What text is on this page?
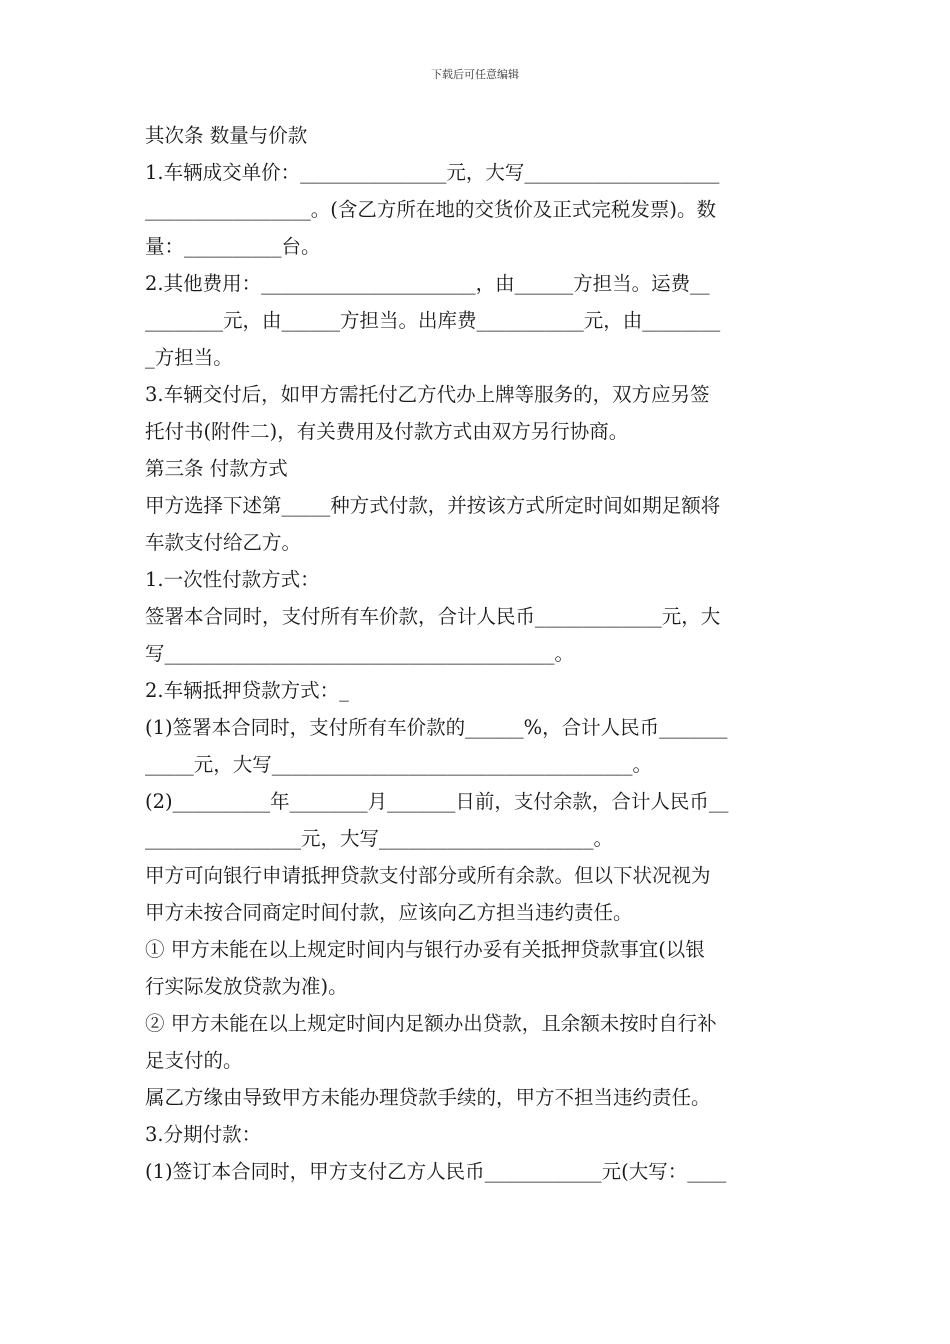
下载后可任意编辑
其次条 数量与价款
1.车辆成交单价：_______________元，大写____________________
_________________。(含乙方所在地的交货价及正式完税发票)。数
量：__________台。
2.其他费用：______________________，由______方担当。运费__
________元，由______方担当。出库费___________元，由________
_方担当。
3.车辆交付后，如甲方需托付乙方代办上牌等服务的，双方应另签
托付书(附件二)，有关费用及付款方式由双方另行协商。
第三条 付款方式
甲方选择下述第_____种方式付款，并按该方式所定时间如期足额将
车款支付给乙方。
1.一次性付款方式：
签署本合同时，支付所有车价款，合计人民币_____________元，大
写________________________________________。
2.车辆抵押贷款方式：_
(1)签署本合同时，支付所有车价款的______%，合计人民币_______
_____元，大写_____________________________________。
(2)__________年________月_______日前，支付余款，合计人民币__
________________元，大写______________________。
甲方可向银行申请抵押贷款支付部分或所有余款。但以下状况视为
甲方未按合同商定时间付款，应该向乙方担当违约责任。
① 甲方未能在以上规定时间内与银行办妥有关抵押贷款事宜(以银
行实际发放贷款为准)。
② 甲方未能在以上规定时间内足额办出贷款，且余额未按时自行补
足支付的。
属乙方缘由导致甲方未能办理贷款手续的，甲方不担当违约责任。
3.分期付款：
(1)签订本合同时，甲方支付乙方人民币____________元(大写：____
